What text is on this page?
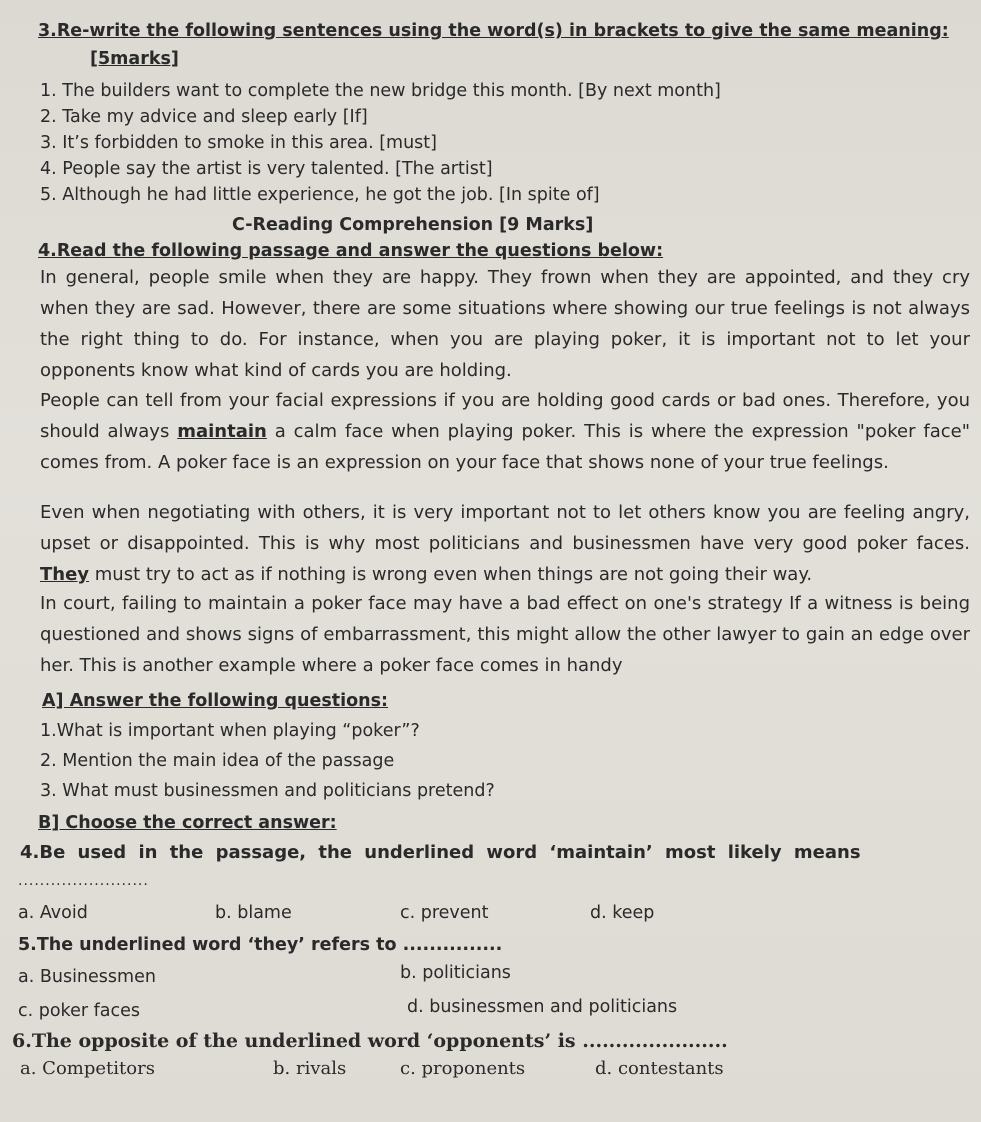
3.Re-write the following sentences using the word(s) in brackets to give the same meaning:
[5marks]
1. The builders want to complete the new bridge this month. [By next month]
2. Take my advice and sleep early [If]
3. It’s forbidden to smoke in this area. [must]
4. People say the artist is very talented. [The artist]
5. Although he had little experience, he got the job. [In spite of]
C-Reading Comprehension [9 Marks]
4.Read the following passage and answer the questions below:
In general, people smile when they are happy. They frown when they are appointed, and they cry when they are sad. However, there are some situations where showing our true feelings is not always the right thing to do. For instance, when you are playing poker, it is important not to let your opponents know what kind of cards you are holding.
People can tell from your facial expressions if you are holding good cards or bad ones. Therefore, you should always maintain a calm face when playing poker. This is where the expression "poker face" comes from. A poker face is an expression on your face that shows none of your true feelings.
Even when negotiating with others, it is very important not to let others know you are feeling angry, upset or disappointed. This is why most politicians and businessmen have very good poker faces. They must try to act as if nothing is wrong even when things are not going their way.
In court, failing to maintain a poker face may have a bad effect on one's strategy If a witness is being questioned and shows signs of embarrassment, this might allow the other lawyer to gain an edge over her. This is another example where a poker face comes in handy
A] Answer the following questions:
1.What is important when playing “poker”?
2. Mention the main idea of the passage
3. What must businessmen and politicians pretend?
B] Choose the correct answer:
4.Be used in the passage, the underlined word ‘maintain’ most likely means
........................
a. Avoid	b. blame	c. prevent	d. keep
5.The underlined word ‘they’ refers to ...............
a. Businessmen	b. politicians
c. poker faces	d. businessmen and politicians
6.The opposite of the underlined word ‘opponents’ is ......................
a. Competitors	b. rivals	c. proponents	d. contestants
